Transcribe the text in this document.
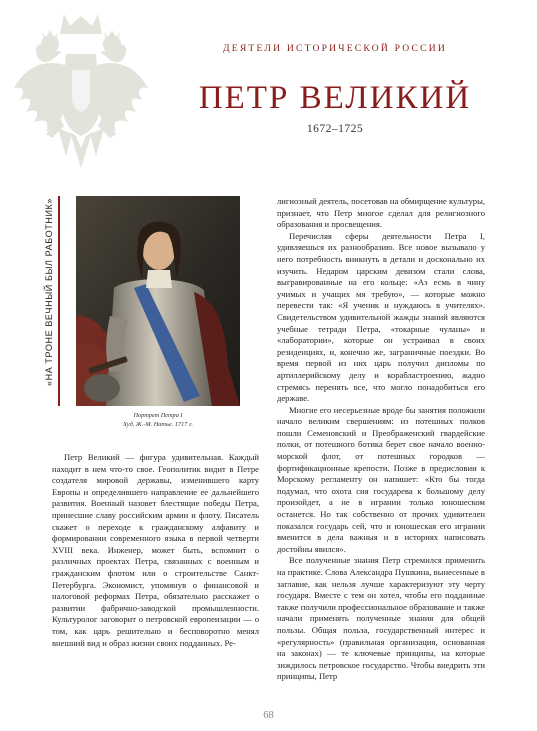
ДЕЯТЕЛИ ИСТОРИЧЕСКОЙ РОССИИ
ПЕТР ВЕЛИКИЙ
1672–1725
«НА ТРОНЕ ВЕЧНЫЙ БЫЛ РАБОТНИК»
Портрет Петра I
Худ. Ж.-М. Натье. 1717 г.

Петр Великий — фигура удивительная. Каждый находит в нем что-то свое. Геополитик видит в Петре создателя мировой державы, изменившего карту Европы и определившего направление ее дальнейшего развития. Военный назовет блестящие победы Петра, принесшие славу российским армии и флоту. Писатель скажет о переходе к гражданскому алфавиту и формировании современного языка в первой четверти XVIII века. Инженер, может быть, вспомнит о различных проектах Петра, связанных с военным и гражданским флотом или о строительстве Санкт-Петербурга. Экономист, упомянув о финансовой и налоговой реформах Петра, обязательно расскажет о развитии фабрично-заводской промышленности. Культуролог заговорит о петровской европеизации — о том, как царь решительно и бесповоротно менял внешний вид и образ жизни своих подданных. Ре-

лигиозный деятель, посетовав на обмирщение культуры, признает, что Петр многое сделал для религиозного образования и просвещения.

Перечисляя сферы деятельности Петра I, удивляешься их разнообразию. Все новое вызывало у него потребность вникнуть в детали и досконально их изучить. Недаром царским девизом стали слова, выгравированные на его кольце: «Аз есмь в чину учимых и учащих мя требую», — которые можно перевести так: «Я ученик и нуждаюсь в учителях». Свидетельством удивительной жажды знаний являются учебные тетради Петра, «токарные чуланы» и «лаборатории», которые он устраивал в своих резиденциях, и, конечно же, заграничные поездки. Во время первой из них царь получил дипломы по артиллерийскому делу и корабластроению, жадно стремясь перенять все, что могло понадобиться его державе.

Многие его несерьезные вроде бы занятия положили начало великим свершениям: из потешных полков пошли Семеновский и Преображенский гвардейские полки, от потешного ботика берет свое начало военно-морской флот, от потешных городков — фортификационные крепости. Позже в предисловии к Морскому регламенту он напишет: «Кто бы тогда подумал, что охота сия государева к большому делу произойдет, а не в игрании только юношеском останется. Но так собственно от прочих удивителен показался государь сей, что и юношеская его игрании вменится в дела важныя и в историях написовать достойны явился».

Все полученные знания Петр стремился применить на практике. Слова Александра Пушкина, вынесенные в заглавие, как нельзя лучше характеризуют эту черту государя. Вместе с тем он хотел, чтобы его подданные также получили профессиональное образование и также начали применять полученные знания для общей пользы. Общая польза, государственный интерес и «регулярность» (правильная организация, основанная на законах) — те ключевые принципы, на которые зиждилось петровское государство. Чтобы внедрить эти принципы, Петр

68
